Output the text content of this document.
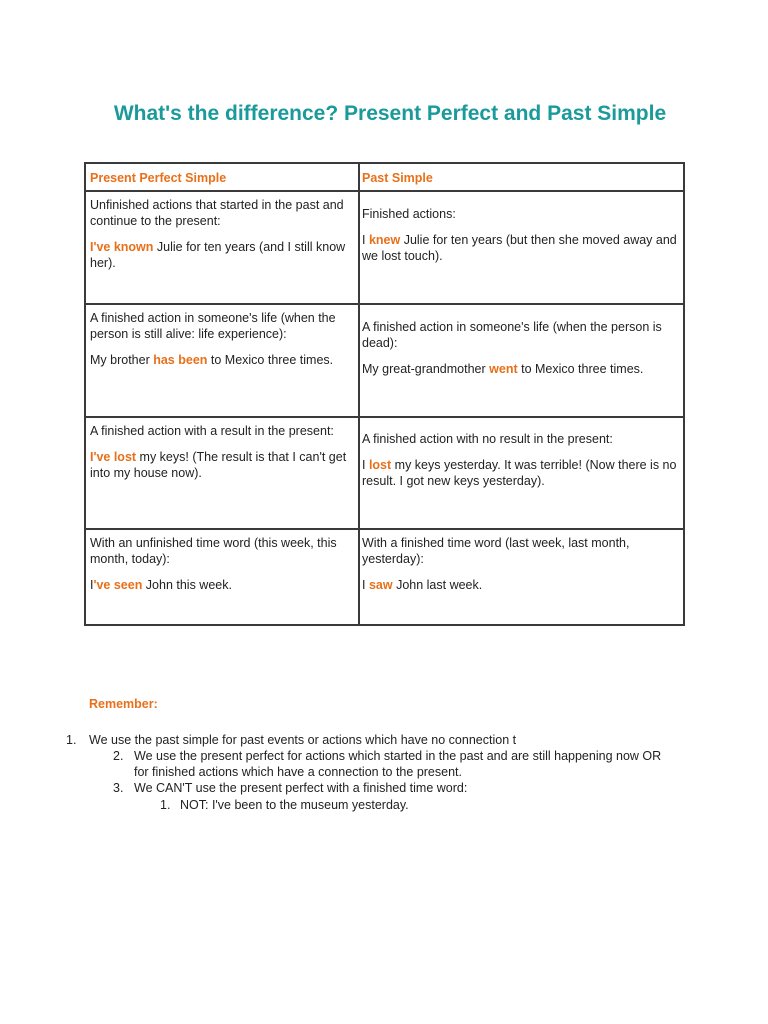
What's the difference? Present Perfect and Past Simple
Present Perfect Simple	Past Simple

Unfinished actions that started in the past and continue to the present:

I've known Julie for ten years (and I still know her).

Finished actions:

I knew Julie for ten years (but then she moved away and we lost touch).

A finished action in someone's life (when the person is still alive: life experience):

My brother has been to Mexico three times.

A finished action in someone's life (when the person is dead):

My great-grandmother went to Mexico three times.

A finished action with a result in the present:

I've lost my keys! (The result is that I can't get into my house now).

A finished action with no result in the present:

I lost my keys yesterday. It was terrible! (Now there is no result. I got new keys yesterday).

With an unfinished time word (this week, this month, today):

I've seen John this week.

With a finished time word (last week, last month, yesterday):

I saw John last week.

Remember:
1. We use the past simple for past events or actions which have no connection t
2. We use the present perfect for actions which started in the past and are still happening now OR for finished actions which have a connection to the present.
3. We CAN'T use the present perfect with a finished time word:
1. NOT: I've been to the museum yesterday.
